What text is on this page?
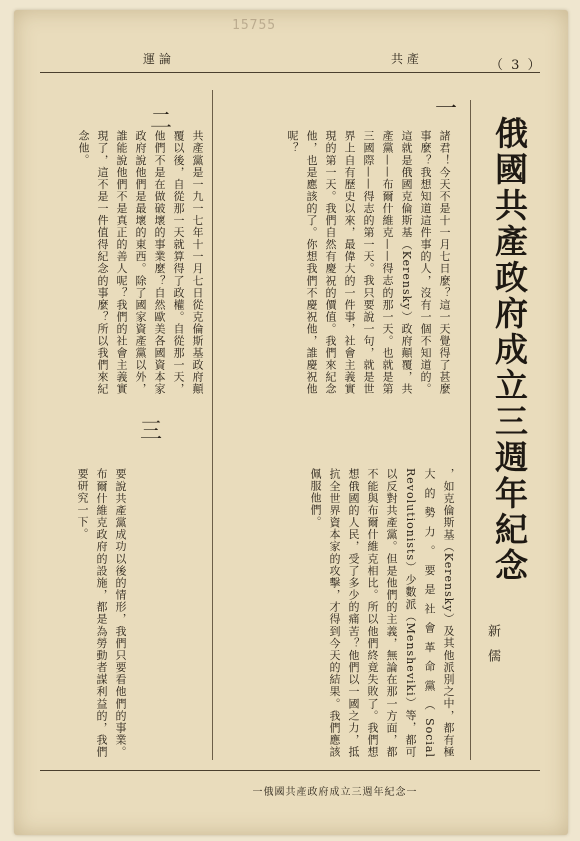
15755
運 論	共 產	（ 3 ）
俄國共產政府成立三週年紀念
新 儒
一
二
三
諸君！今天不是十一月七日麼？這一天覺得了甚麼事麼？我想知道這件事的人，沒有一個不知道的。這就是俄國克倫斯基（Kerensky）政府顛覆，共產黨——布爾什維克——得志的那一天。也就是第三國際——得志的第一天。我只要說一句，就是世界上自有歷史以來，最偉大的一件事，社會主義實現的第一天。我們自然有慶祝的價值。我們來紀念他，也是應該的了。你想我們不慶祝他，誰慶祝他呢？
共產黨是一九一七年十一月七日從克倫斯基政府顛覆以後，自從那一天就算得了政權。自從那一天，他們不是在做破壞的事業麼？自然歐美各國資本家政府說他們是最壞的東西。除了國家資產黨以外，誰能說他們不是真正的善人呢？我們的社會主義實現了，這不是一件值得紀念的事麼？所以我們來紀念他。
，如克倫斯基（Kerensky）及其他派別之中，都有極大的勢力。要是社會革命黨（Social Revolutionists）少數派（Mensheviki）等，都可以反對共產黨。但是他們的主義，無論在那一方面，都不能與布爾什維克相比。所以他們終竟失敗了。我們想想俄國的人民，受了多少的痛苦？他們以一國之力，抵抗全世界資本家的攻擊，才得到今天的結果。我們應該佩服他們。
要說共產黨成功以後的情形，我們只要看他們的事業。布爾什維克政府的設施，都是為勞動者謀利益的，我們要研究一下。
一俄國共產政府成立三週年紀念一
